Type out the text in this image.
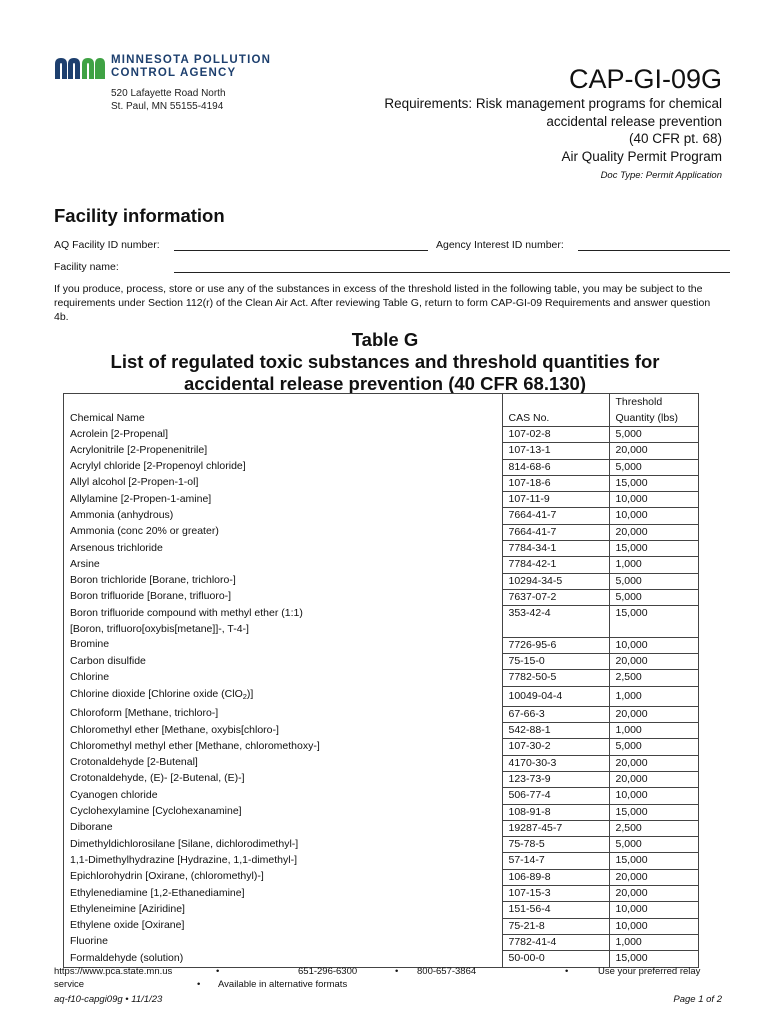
MINNESOTA POLLUTION
CONTROL AGENCY
520 Lafayette Road North
St. Paul, MN 55155-4194
CAP-GI-09G
Requirements: Risk management programs for chemical
accidental release prevention
(40 CFR pt. 68)
Air Quality Permit Program
Doc Type: Permit Application
Facility information
AQ Facility ID number:	Agency Interest ID number:
Facility name:
If you produce, process, store or use any of the substances in excess of the threshold listed in the following table, you may be subject to the requirements under Section 112(r) of the Clean Air Act. After reviewing Table G, return to form CAP-GI-09 Requirements and answer question 4b.
Table G
List of regulated toxic substances and threshold quantities for
accidental release prevention (40 CFR 68.130)
Chemical Name	CAS No.	Threshold
Quantity (lbs)

Acrolein [2-Propenal]	107-02-8	5,000
Acrylonitrile [2-Propenenitrile]	107-13-1	20,000
Acrylyl chloride [2-Propenoyl chloride]	814-68-6	5,000
Allyl alcohol [2-Propen-1-ol]	107-18-6	15,000
Allylamine [2-Propen-1-amine]	107-11-9	10,000
Ammonia (anhydrous)	7664-41-7	10,000
Ammonia (conc 20% or greater)	7664-41-7	20,000
Arsenous trichloride	7784-34-1	15,000
Arsine	7784-42-1	1,000
Boron trichloride [Borane, trichloro-]	10294-34-5	5,000
Boron trifluoride [Borane, trifluoro-]	7637-07-2	5,000
Boron trifluoride compound with methyl ether (1:1)	353-42-4	15,000
[Boron, trifluoro[oxybis[metane]]-, T-4-]		
Bromine	7726-95-6	10,000
Carbon disulfide	75-15-0	20,000
Chlorine	7782-50-5	2,500
Chlorine dioxide [Chlorine oxide (ClO$_2$)]	10049-04-4	1,000
Chloroform [Methane, trichloro-]	67-66-3	20,000
Chloromethyl ether [Methane, oxybis[chloro-]	542-88-1	1,000
Chloromethyl methyl ether [Methane, chloromethoxy-]	107-30-2	5,000
Crotonaldehyde [2-Butenal]	4170-30-3	20,000
Crotonaldehyde, (E)- [2-Butenal, (E)-]	123-73-9	20,000
Cyanogen chloride	506-77-4	10,000
Cyclohexylamine [Cyclohexanamine]	108-91-8	15,000
Diborane	19287-45-7	2,500
Dimethyldichlorosilane [Silane, dichlorodimethyl-]	75-78-5	5,000
1,1-Dimethylhydrazine [Hydrazine, 1,1-dimethyl-]	57-14-7	15,000
Epichlorohydrin [Oxirane, (chloromethyl)-]	106-89-8	20,000
Ethylenediamine [1,2-Ethanediamine]	107-15-3	20,000
Ethyleneimine [Aziridine]	151-56-4	10,000
Ethylene oxide [Oxirane]	75-21-8	10,000
Fluorine	7782-41-4	1,000
Formaldehyde (solution)	50-00-0	15,000
https://www.pca.state.mn.us
service
•	651-296-6300	• 800-657-3864	•	Use your preferred relay
• Available in alternative formats
aq-f10-capgi09g • 11/1/23	Page 1 of 2
